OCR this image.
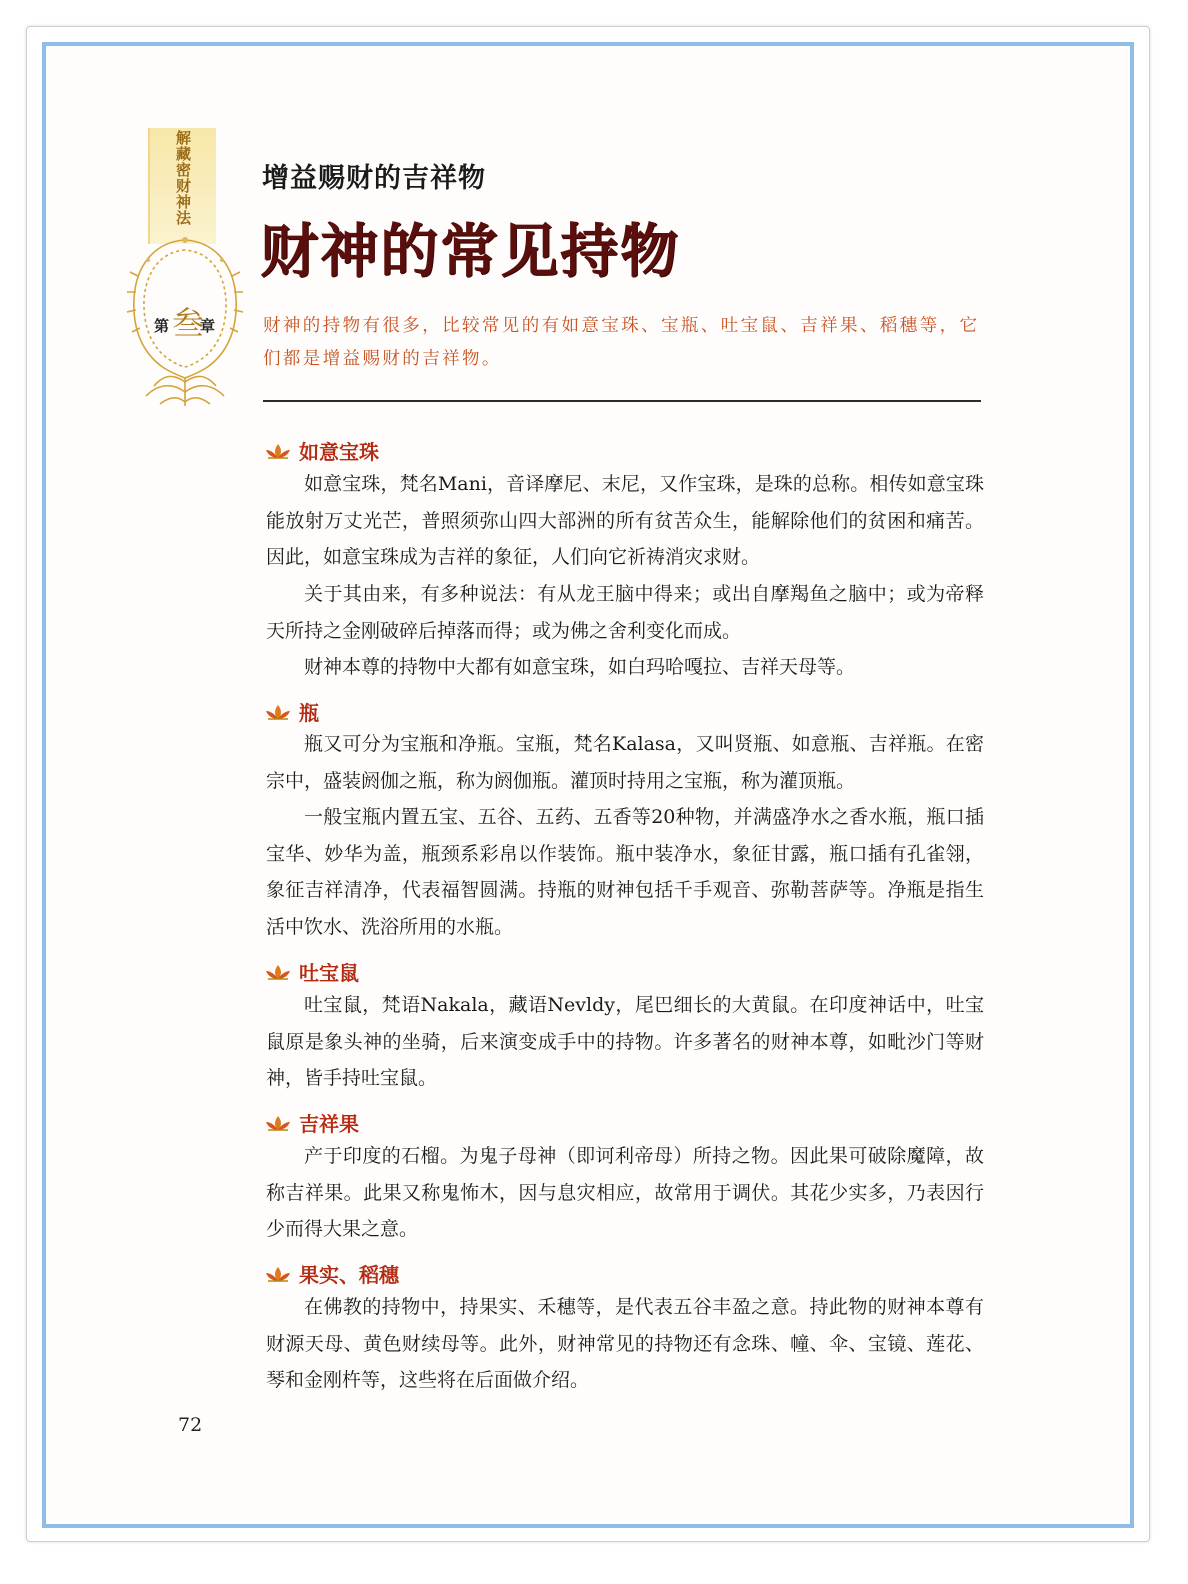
解藏密财神法
第 叁
章
增益赐财的吉祥物
财神的常见持物
财神的持物有很多，比较常见的有如意宝珠、宝瓶、吐宝鼠、吉祥果、稻穗等，它们都是增益赐财的吉祥物。
如意宝珠
如意宝珠，梵名Mani，音译摩尼、末尼，又作宝珠，是珠的总称。相传如意宝珠能放射万丈光芒，普照须弥山四大部洲的所有贫苦众生，能解除他们的贫困和痛苦。因此，如意宝珠成为吉祥的象征，人们向它祈祷消灾求财。
关于其由来，有多种说法：有从龙王脑中得来；或出自摩羯鱼之脑中；或为帝释天所持之金刚破碎后掉落而得；或为佛之舍利变化而成。
财神本尊的持物中大都有如意宝珠，如白玛哈嘎拉、吉祥天母等。
瓶
瓶又可分为宝瓶和净瓶。宝瓶，梵名Kalasa，又叫贤瓶、如意瓶、吉祥瓶。在密宗中，盛装阏伽之瓶，称为阏伽瓶。灌顶时持用之宝瓶，称为灌顶瓶。
一般宝瓶内置五宝、五谷、五药、五香等20种物，并满盛净水之香水瓶，瓶口插宝华、妙华为盖，瓶颈系彩帛以作装饰。瓶中装净水，象征甘露，瓶口插有孔雀翎，象征吉祥清净，代表福智圆满。持瓶的财神包括千手观音、弥勒菩萨等。净瓶是指生活中饮水、洗浴所用的水瓶。
吐宝鼠
吐宝鼠，梵语Nakala，藏语Nevldy，尾巴细长的大黄鼠。在印度神话中，吐宝鼠原是象头神的坐骑，后来演变成手中的持物。许多著名的财神本尊，如毗沙门等财神，皆手持吐宝鼠。
吉祥果
产于印度的石榴。为鬼子母神（即诃利帝母）所持之物。因此果可破除魔障，故称吉祥果。此果又称鬼怖木，因与息灾相应，故常用于调伏。其花少实多，乃表因行少而得大果之意。
果实、稻穗
在佛教的持物中，持果实、禾穗等，是代表五谷丰盈之意。持此物的财神本尊有财源天母、黄色财续母等。此外，财神常见的持物还有念珠、幢、伞、宝镜、莲花、琴和金刚杵等，这些将在后面做介绍。
72
